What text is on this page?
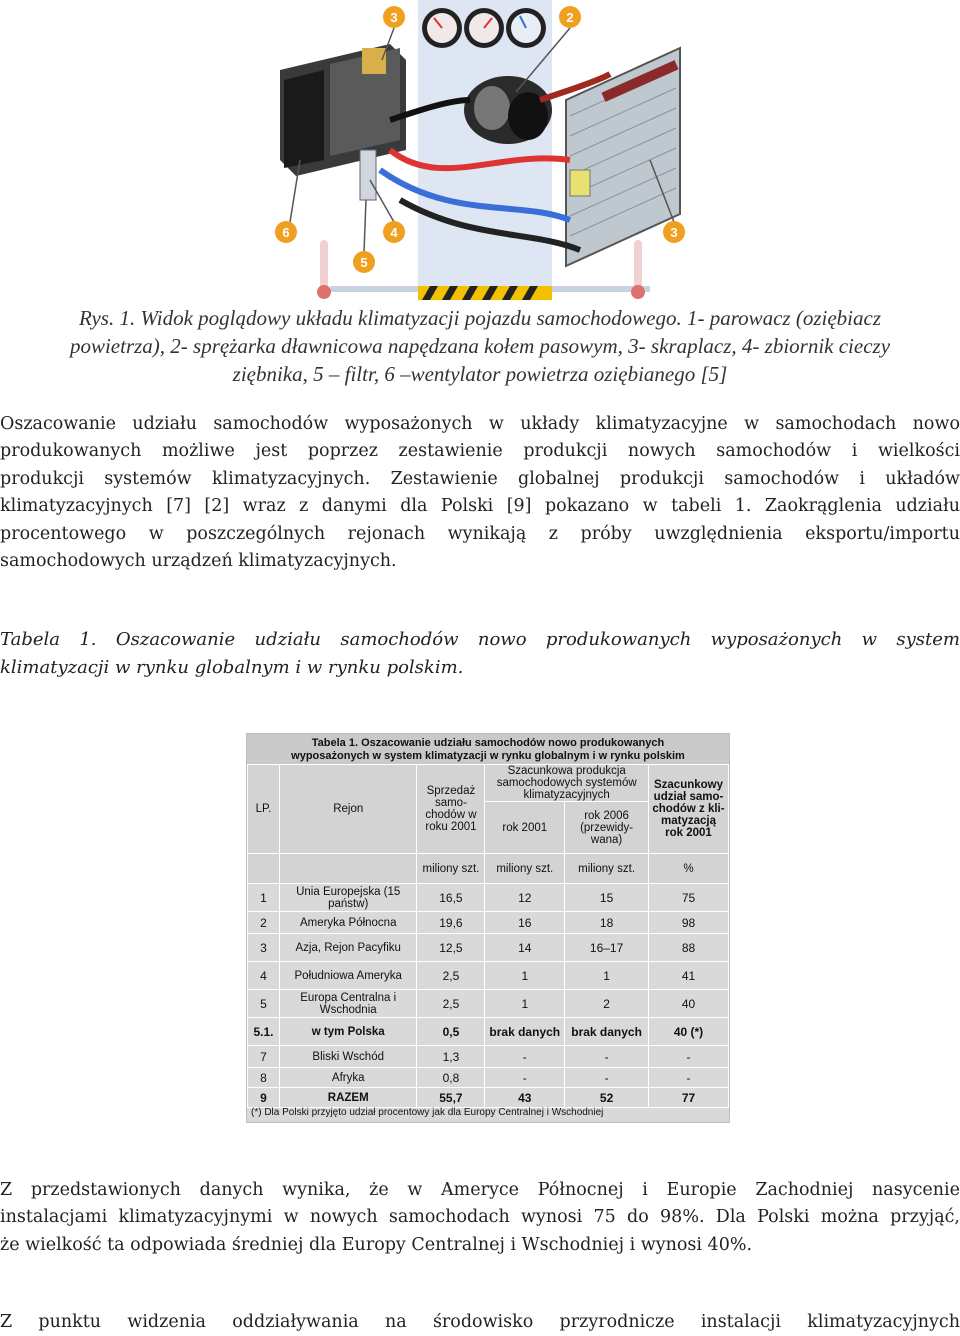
3	2
6	4
5
3
Rys. 1. Widok poglądowy układu klimatyzacji pojazdu samochodowego. 1- parowacz (oziębiacz
powietrza), 2- sprężarka dławnicowa napędzana kołem pasowym, 3- skraplacz, 4- zbiornik cieczy
ziębnika, 5 – filtr, 6 –wentylator powietrza oziębianego [5]
Oszacowanie udziału samochodów wyposażonych w układy klimatyzacyjne w samochodach nowo
produkowanych możliwe jest poprzez zestawienie produkcji nowych samochodów i wielkości
produkcji systemów klimatyzacyjnych. Zestawienie globalnej produkcji samochodów i układów
klimatyzacyjnych [7] [2] wraz z danymi dla Polski [9] pokazano w tabeli 1. Zaokrąglenia udziału
procentowego w poszczególnych rejonach wynikają z próby uwzględnienia eksportu/importu
samochodowych urządzeń klimatyzacyjnych.
Tabela 1. Oszacowanie udziału samochodów nowo produkowanych wyposażonych w system
klimatyzacji w rynku globalnym i w rynku polskim.
Tabela 1. Oszacowanie udziału samochodów nowo produkowanych
wyposażonych w system klimatyzacji w rynku globalnym i w rynku polskim
LP.	Rejon	Sprzedaż samo- chodów w roku 2001	Szacunkowa produkcja samochodowych systemów klimatyzacyjnych		Szacunkowy udział samo- chodów z kli- matyzacją rok 2001
			rok 2001	rok 2006 (przewidy- wana)	
		miliony szt.	miliony szt.	miliony szt.	%
1	Unia Europejska (15 państw)	16,5	12	15	75
2	Ameryka Północna	19,6	16	18	98
3	Azja, Rejon Pacyfiku	12,5	14	16–17	88
4	Południowa Ameryka	2,5	1	1	41
5	Europa Centralna i Wschodnia	2,5	1	2	40
5.1.	w tym Polska	0,5	brak danych	brak danych	40 (*)
7	Bliski Wschód	1,3	-	-	-
8	Afryka	0,8	-	-	-
9	RAZEM	55,7	43	52	77
(*) Dla Polski przyjęto udział procentowy jak dla Europy Centralnej i Wschodniej
Z przedstawionych danych wynika, że w Ameryce Północnej i Europie Zachodniej nasycenie
instalacjami klimatyzacyjnymi w nowych samochodach wynosi 75 do 98%. Dla Polski można przyjąć,
że wielkość ta odpowiada średniej dla Europy Centralnej i Wschodniej i wynosi 40%.
Z punktu widzenia oddziaływania na środowisko przyrodnicze instalacji klimatyzacyjnych
